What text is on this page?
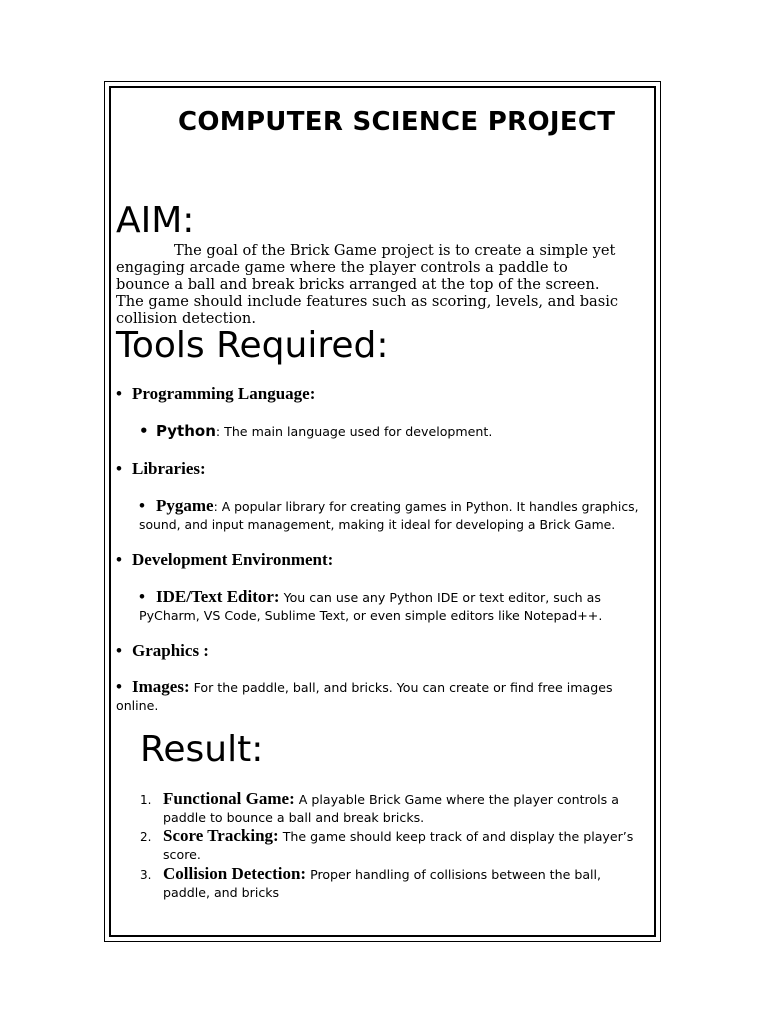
COMPUTER SCIENCE PROJECT
AIM:
The goal of the Brick Game project is to create a simple yet
engaging arcade game where the player controls a paddle to
bounce a ball and break bricks arranged at the top of the screen.
The game should include features such as scoring, levels, and basic
collision detection.
Tools Required:
• Programming Language:
• Python: The main language used for development.
• Libraries:
• Pygame: A popular library for creating games in Python. It handles graphics,
sound, and input management, making it ideal for developing a Brick Game.
• Development Environment:
• IDE/Text Editor: You can use any Python IDE or text editor, such as
PyCharm, VS Code, Sublime Text, or even simple editors like Notepad++.
• Graphics :
• Images: For the paddle, ball, and bricks. You can create or find free images
online.
Result:
1. Functional Game: A playable Brick Game where the player controls a
paddle to bounce a ball and break bricks.
2. Score Tracking: The game should keep track of and display the player’s
score.
3. Collision Detection: Proper handling of collisions between the ball,
paddle, and bricks
